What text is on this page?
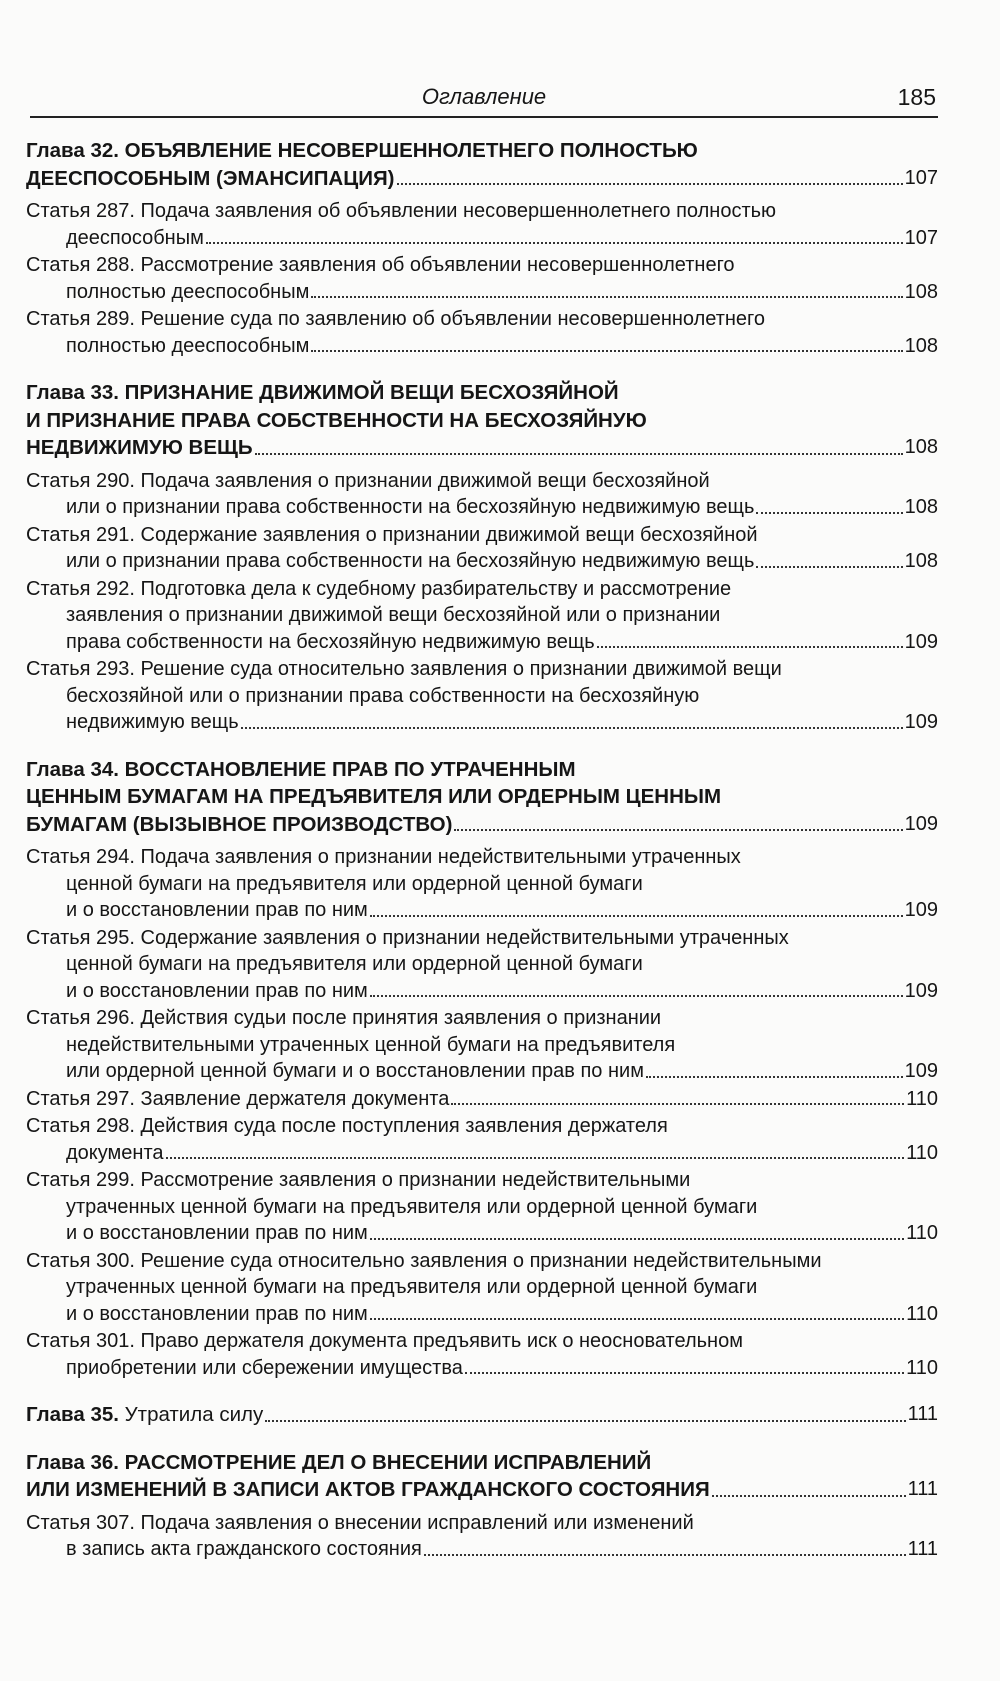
Оглавление	185
Глава 32.
ОБЪЯВЛЕНИЕ НЕСОВЕРШЕННОЛЕТНЕГО ПОЛНОСТЬЮ
ДЕЕСПОСОБНЫМ (ЭМАНСИПАЦИЯ)	107
Статья 287. Подача заявления об объявлении несовершеннолетнего полностью
дееспособным	107
Статья 288. Рассмотрение заявления об объявлении несовершеннолетнего
полностью дееспособным	108
Статья 289. Решение суда по заявлению об объявлении несовершеннолетнего
полностью дееспособным	108
Глава 33.
ПРИЗНАНИЕ ДВИЖИМОЙ ВЕЩИ БЕСХОЗЯЙНОЙ
И ПРИЗНАНИЕ ПРАВА СОБСТВЕННОСТИ НА БЕСХОЗЯЙНУЮ
НЕДВИЖИМУЮ ВЕЩЬ	108
Статья 290. Подача заявления о признании движимой вещи бесхозяйной
или о признании права собственности на бесхозяйную недвижимую вещь	108
Статья 291. Содержание заявления о признании движимой вещи бесхозяйной
или о признании права собственности на бесхозяйную недвижимую вещь	108
Статья 292. Подготовка дела к судебному разбирательству и рассмотрение
заявления о признании движимой вещи бесхозяйной или о признании
права собственности на бесхозяйную недвижимую вещь	109
Статья 293. Решение суда относительно заявления о признании движимой вещи
бесхозяйной или о признании права собственности на бесхозяйную
недвижимую вещь	109
Глава 34.
ВОССТАНОВЛЕНИЕ ПРАВ ПО УТРАЧЕННЫМ
ЦЕННЫМ БУМАГАМ НА ПРЕДЪЯВИТЕЛЯ ИЛИ ОРДЕРНЫМ ЦЕННЫМ
БУМАГАМ (ВЫЗЫВНОЕ ПРОИЗВОДСТВО)	109
Статья 294. Подача заявления о признании недействительными утраченных
ценной бумаги на предъявителя или ордерной ценной бумаги
и о восстановлении прав по ним	109
Статья 295. Содержание заявления о признании недействительными утраченных
ценной бумаги на предъявителя или ордерной ценной бумаги
и о восстановлении прав по ним	109
Статья 296. Действия судьи после принятия заявления о признании
недействительными утраченных ценной бумаги на предъявителя
или ордерной ценной бумаги и о восстановлении прав по ним	109
Статья 297. Заявление держателя документа	110
Статья 298. Действия суда после поступления заявления держателя
документа	110
Статья 299. Рассмотрение заявления о признании недействительными
утраченных ценной бумаги на предъявителя или ордерной ценной бумаги
и о восстановлении прав по ним	110
Статья 300. Решение суда относительно заявления о признании недействительными
утраченных ценной бумаги на предъявителя или ордерной ценной бумаги
и о восстановлении прав по ним	110
Статья 301. Право держателя документа предъявить иск о неосновательном
приобретении или сбережении имущества	110
Глава 35.
Утратила силу	111
Глава 36.
РАССМОТРЕНИЕ ДЕЛ О ВНЕСЕНИИ ИСПРАВЛЕНИЙ
ИЛИ ИЗМЕНЕНИЙ В ЗАПИСИ АКТОВ ГРАЖДАНСКОГО СОСТОЯНИЯ	111
Статья 307. Подача заявления о внесении исправлений или изменений
в запись акта гражданского состояния	111
